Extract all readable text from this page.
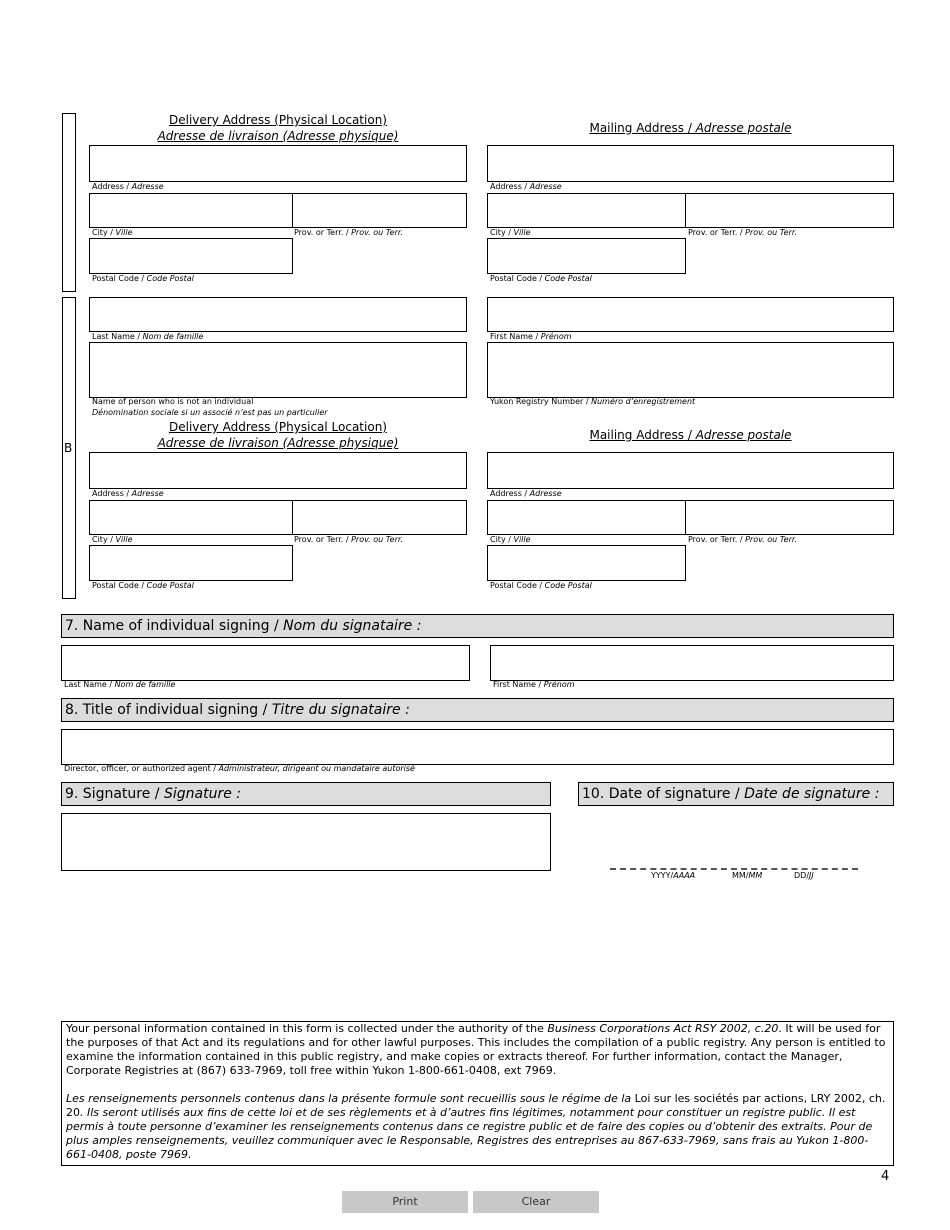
Delivery Address (Physical Location)
Adresse de livraison (Adresse physique)
Mailing Address / Adresse postale
Address / Adresse
City / Ville	Prov. or Terr. / Prov. ou Terr.
Postal Code / Code Postal
Address / Adresse
City / Ville	Prov. or Terr. / Prov. ou Terr.
Postal Code / Code Postal
B
Last Name / Nom de famille	First Name / Prénom
Name of person who is not an individual
Dénomination sociale si un associé n’est pas un particulier
Yukon Registry Number / Numéro d’enregistrement
Delivery Address (Physical Location)
Adresse de livraison (Adresse physique)
Mailing Address / Adresse postale
Address / Adresse
City / Ville	Prov. or Terr. / Prov. ou Terr.
Postal Code / Code Postal
Address / Adresse
City / Ville	Prov. or Terr. / Prov. ou Terr.
Postal Code / Code Postal
7. Name of individual signing / Nom du signataire :
Last Name / Nom de famille	First Name / Prénom
8. Title of individual signing / Titre du signataire :
Director, officer, or authorized agent / Administrateur, dirigeant ou mandataire autorisé
9. Signature / Signature :	10. Date of signature / Date de signature :
YYYY/AAAA	MM/MM	DD/JJ

Your personal information contained in this form is collected under the authority of the Business Corporations Act RSY 2002, c.20. It will be used for the purposes of that Act and its regulations and for other lawful purposes. This includes the compilation of a public registry. Any person is entitled to examine the information contained in this public registry, and make copies or extracts thereof. For further information, contact the Manager, Corporate Registries at (867) 633-7969, toll free within Yukon 1-800-661-0408, ext 7969.

Les renseignements personnels contenus dans la présente formule sont recueillis sous le régime de la Loi sur les sociétés par actions, LRY 2002, ch. 20. Ils seront utilisés aux fins de cette loi et de ses règlements et à d’autres fins légitimes, notamment pour constituer un registre public. Il est permis à toute personne d’examiner les renseignements contenus dans ce registre public et de faire des copies ou d’obtenir des extraits. Pour de plus amples renseignements, veuillez communiquer avec le Responsable, Registres des entreprises au 867-633-7969, sans frais au Yukon 1-800-661-0408, poste 7969.

4
Print	Clear
